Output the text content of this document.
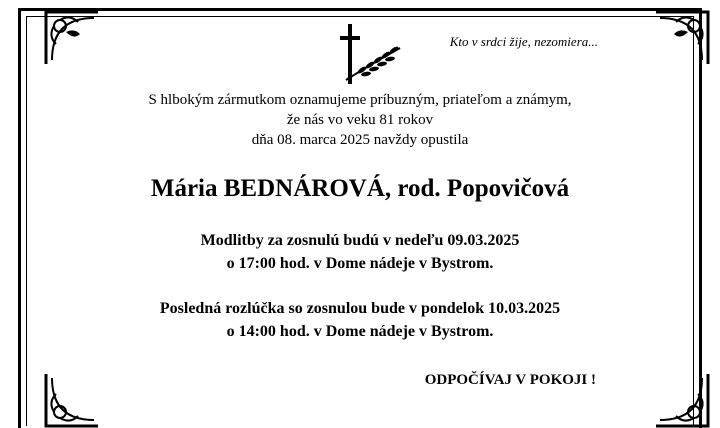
Kto v srdci žije, nezomiera...
S hlbokým zármutkom oznamujeme príbuzným, priateľom a známym,
že nás vo veku 81 rokov
dňa 08. marca 2025 navždy opustila
Mária BEDNÁROVÁ, rod. Popovičová
Modlitby za zosnulú budú v nedeľu 09.03.2025
o 17:00 hod. v Dome nádeje v Bystrom.
Posledná rozlúčka so zosnulou bude v pondelok 10.03.2025
o 14:00 hod. v Dome nádeje v Bystrom.
ODPOČÍVAJ V POKOJI !
